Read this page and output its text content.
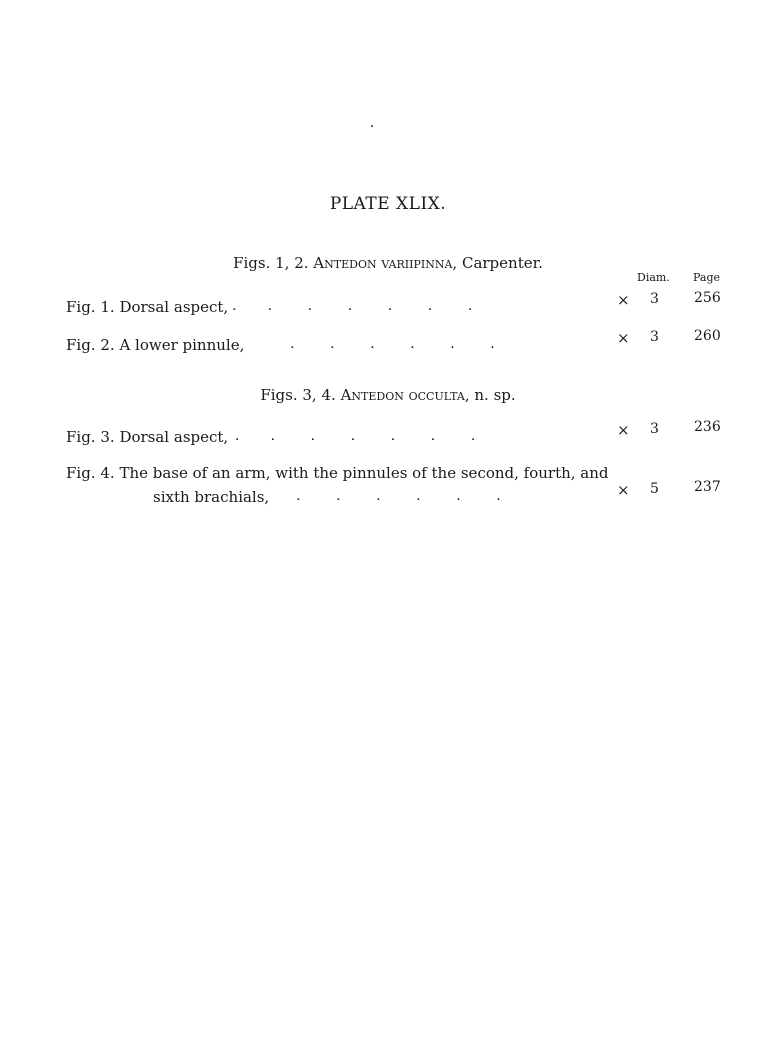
PLATE XLIX.
Figs. 1, 2. Antedon variipinna, Carpenter.
Diam. Page
Fig. 1. Dorsal aspect, .       .        .        .        .        .        .	× 3	256
Fig. 2. A lower pinnule,	.        .        .        .        .        .	× 3	260
Figs. 3, 4. Antedon occulta, n. sp.
Fig. 3. Dorsal aspect, .       .        .        .        .        .        .	× 3	236
Fig. 4. The base of an arm, with the pinnules of the second, fourth, and
sixth brachials, .        .        .        .        .        .	× 5	237
